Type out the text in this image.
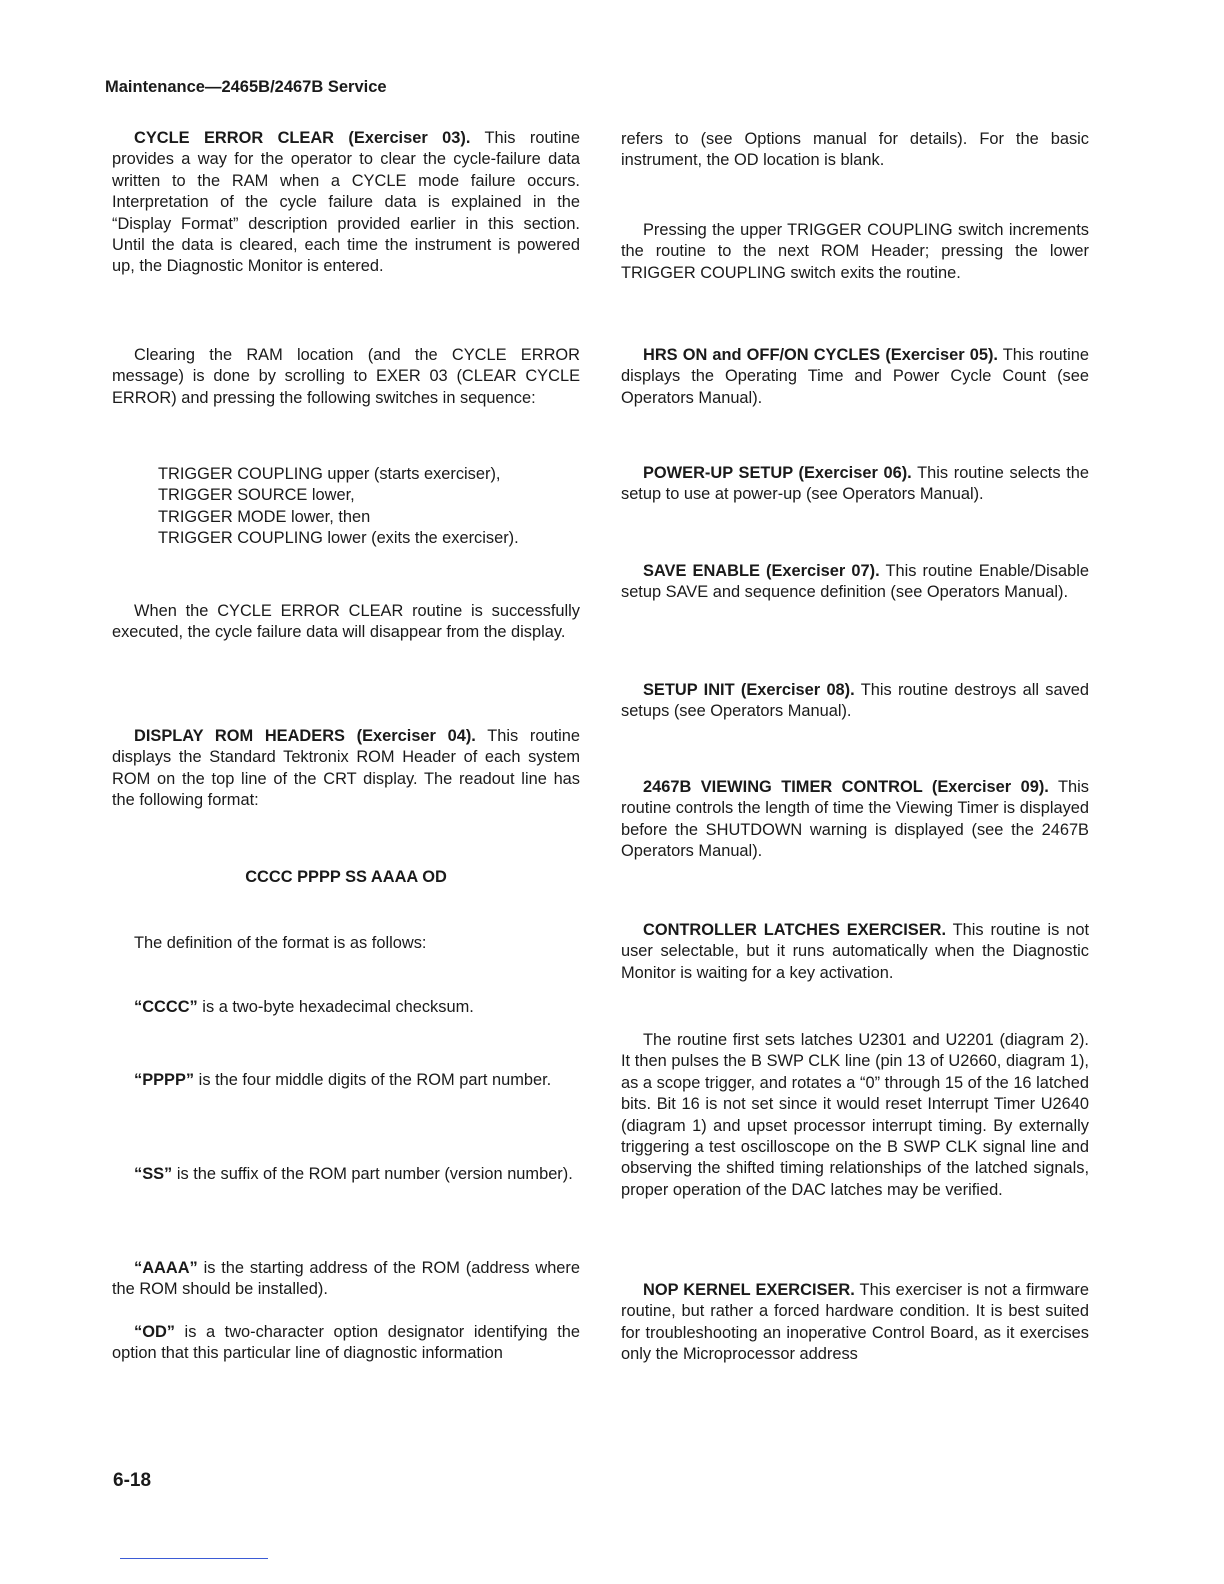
Maintenance—2465B/2467B Service

CYCLE ERROR CLEAR (Exerciser 03). This routine provides a way for the operator to clear the cycle-failure data written to the RAM when a CYCLE mode failure occurs. Interpretation of the cycle failure data is explained in the “Display Format” description provided earlier in this section. Until the data is cleared, each time the instrument is powered up, the Diagnostic Monitor is entered.

Clearing the RAM location (and the CYCLE ERROR message) is done by scrolling to EXER 03 (CLEAR CYCLE ERROR) and pressing the following switches in sequence:

TRIGGER COUPLING upper (starts exerciser),
TRIGGER SOURCE lower,
TRIGGER MODE lower, then
TRIGGER COUPLING lower (exits the exerciser).

When the CYCLE ERROR CLEAR routine is successfully executed, the cycle failure data will disappear from the display.

DISPLAY ROM HEADERS (Exerciser 04). This routine displays the Standard Tektronix ROM Header of each system ROM on the top line of the CRT display. The readout line has the following format:

CCCC PPPP SS AAAA OD

The definition of the format is as follows:

“CCCC” is a two-byte hexadecimal checksum.

“PPPP” is the four middle digits of the ROM part number.

“SS” is the suffix of the ROM part number (version number).

“AAAA” is the starting address of the ROM (address where the ROM should be installed).

“OD” is a two-character option designator identifying the option that this particular line of diagnostic information

refers to (see Options manual for details). For the basic instrument, the OD location is blank.

Pressing the upper TRIGGER COUPLING switch increments the routine to the next ROM Header; pressing the lower TRIGGER COUPLING switch exits the routine.

HRS ON and OFF/ON CYCLES (Exerciser 05). This routine displays the Operating Time and Power Cycle Count (see Operators Manual).

POWER-UP SETUP (Exerciser 06). This routine selects the setup to use at power-up (see Operators Manual).

SAVE ENABLE (Exerciser 07). This routine Enable/Disable setup SAVE and sequence definition (see Operators Manual).

SETUP INIT (Exerciser 08). This routine destroys all saved setups (see Operators Manual).

2467B VIEWING TIMER CONTROL (Exerciser 09). This routine controls the length of time the Viewing Timer is displayed before the SHUTDOWN warning is displayed (see the 2467B Operators Manual).

CONTROLLER LATCHES EXERCISER. This routine is not user selectable, but it runs automatically when the Diagnostic Monitor is waiting for a key activation.

The routine first sets latches U2301 and U2201 (diagram 2). It then pulses the B SWP CLK line (pin 13 of U2660, diagram 1), as a scope trigger, and rotates a “0” through 15 of the 16 latched bits. Bit 16 is not set since it would reset Interrupt Timer U2640 (diagram 1) and upset processor interrupt timing. By externally triggering a test oscilloscope on the B SWP CLK signal line and observing the shifted timing relationships of the latched signals, proper operation of the DAC latches may be verified.

NOP KERNEL EXERCISER. This exerciser is not a firmware routine, but rather a forced hardware condition. It is best suited for troubleshooting an inoperative Control Board, as it exercises only the Microprocessor address

6-18
